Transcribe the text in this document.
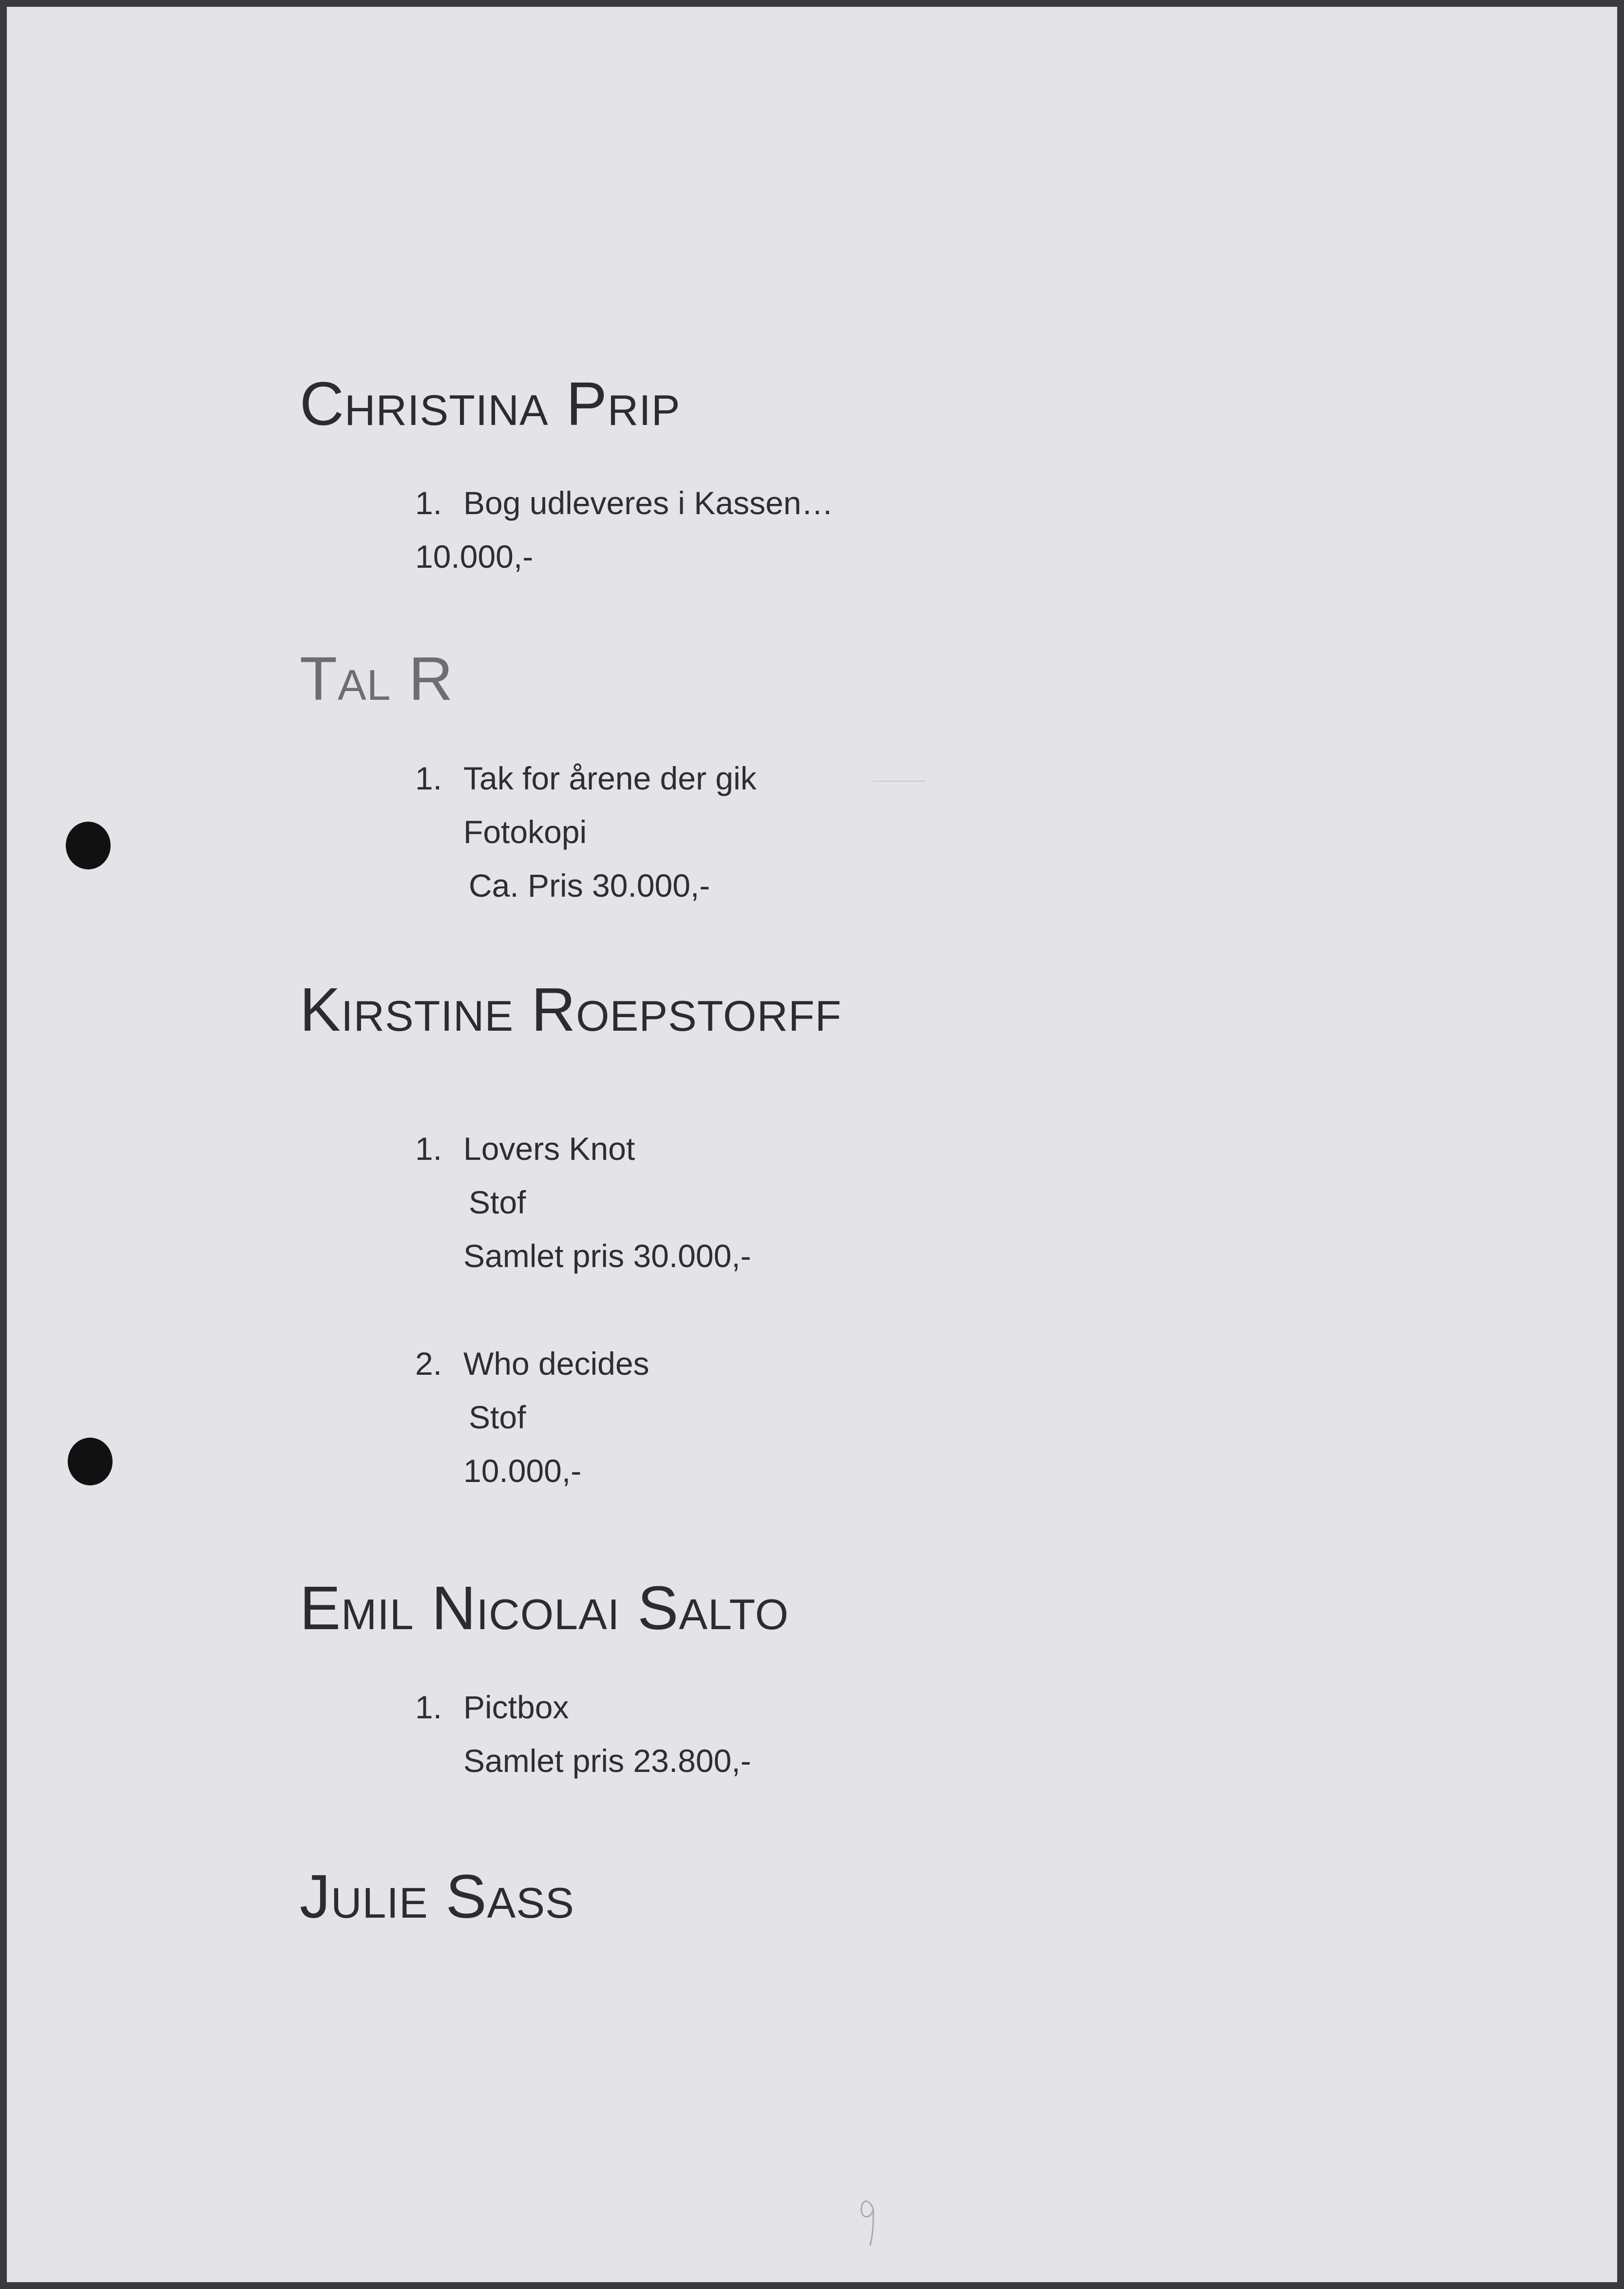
Christina Prip
1. Bog udleveres i Kassen…
10.000,-
Tal R
1. Tak for årene der gik
Fotokopi
Ca. Pris 30.000,-
Kirstine Roepstorff
1. Lovers Knot
Stof
Samlet pris 30.000,-
2. Who decides
Stof
10.000,-
Emil Nicolai Salto
1. Pictbox
Samlet pris 23.800,-
Julie Sass
